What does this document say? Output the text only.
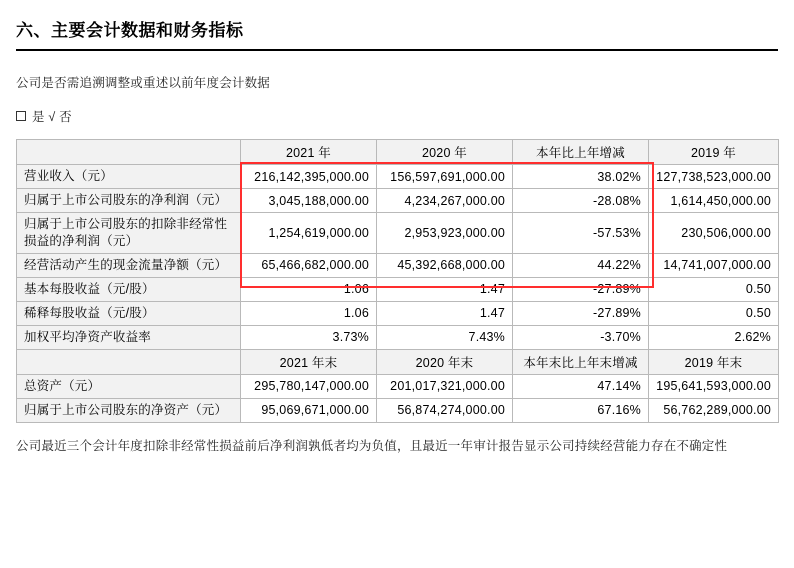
六、主要会计数据和财务指标
公司是否需追溯调整或重述以前年度会计数据
是 √ 否
	2021 年	2020 年	本年比上年增减	2019 年
营业收入（元）	216,142,395,000.00	156,597,691,000.00	38.02%	127,738,523,000.00
归属于上市公司股东的净利润（元）	3,045,188,000.00	4,234,267,000.00	-28.08%	1,614,450,000.00
归属于上市公司股东的扣除非经常性损益的净利润（元）	1,254,619,000.00	2,953,923,000.00	-57.53%	230,506,000.00
经营活动产生的现金流量净额（元）	65,466,682,000.00	45,392,668,000.00	44.22%	14,741,007,000.00
基本每股收益（元/股）	1.06	1.47	-27.89%	0.50
稀释每股收益（元/股）	1.06	1.47	-27.89%	0.50
加权平均净资产收益率	3.73%	7.43%	-3.70%	2.62%
	2021 年末	2020 年末	本年末比上年末增减	2019 年末
总资产（元）	295,780,147,000.00	201,017,321,000.00	47.14%	195,641,593,000.00
归属于上市公司股东的净资产（元）	95,069,671,000.00	56,874,274,000.00	67.16%	56,762,289,000.00
公司最近三个会计年度扣除非经常性损益前后净利润孰低者均为负值，且最近一年审计报告显示公司持续经营能力存在不确定性
